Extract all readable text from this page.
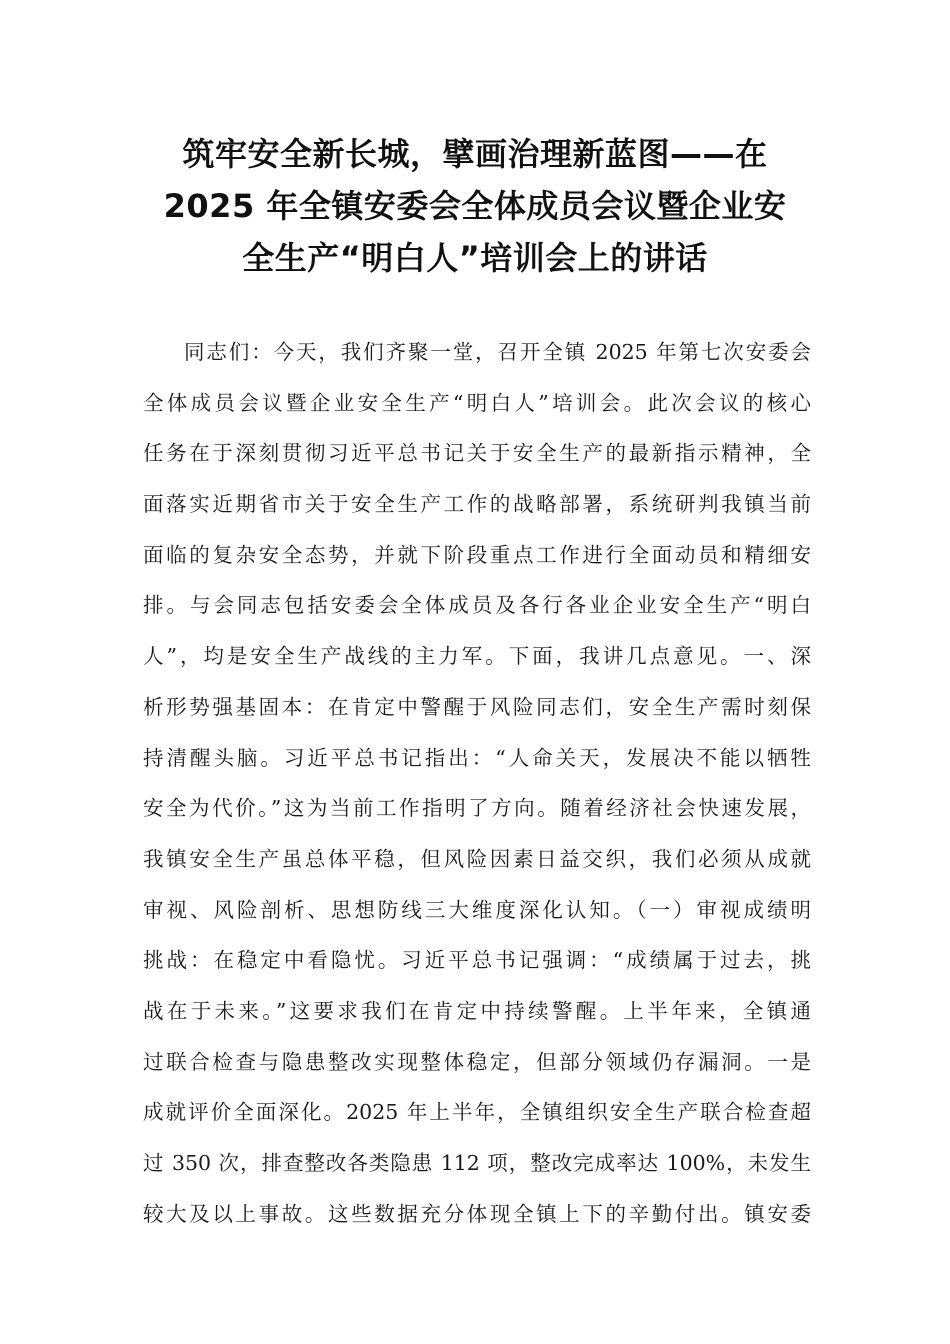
筑牢安全新长城，擘画治理新蓝图——在
2025 年全镇安委会全体成员会议暨企业安
全生产“明白人”培训会上的讲话
同志们：今天，我们齐聚一堂，召开全镇 2025 年第七次安委会
全体成员会议暨企业安全生产“明白人”培训会。此次会议的核心
任务在于深刻贯彻习近平总书记关于安全生产的最新指示精神，全
面落实近期省市关于安全生产工作的战略部署，系统研判我镇当前
面临的复杂安全态势，并就下阶段重点工作进行全面动员和精细安
排。与会同志包括安委会全体成员及各行各业企业安全生产“明白
人”，均是安全生产战线的主力军。下面，我讲几点意见。一、深
析形势强基固本：在肯定中警醒于风险同志们，安全生产需时刻保
持清醒头脑。习近平总书记指出：“人命关天，发展决不能以牺牲
安全为代价。”这为当前工作指明了方向。随着经济社会快速发展，
我镇安全生产虽总体平稳，但风险因素日益交织，我们必须从成就
审视、风险剖析、思想防线三大维度深化认知。（一）审视成绩明
挑战：在稳定中看隐忧。习近平总书记强调：“成绩属于过去，挑
战在于未来。”这要求我们在肯定中持续警醒。上半年来，全镇通
过联合检查与隐患整改实现整体稳定，但部分领域仍存漏洞。一是
成就评价全面深化。2025 年上半年，全镇组织安全生产联合检查超
过 350 次，排查整改各类隐患 112 项，整改完成率达 100%，未发生
较大及以上事故。这些数据充分体现全镇上下的辛勤付出。镇安委
